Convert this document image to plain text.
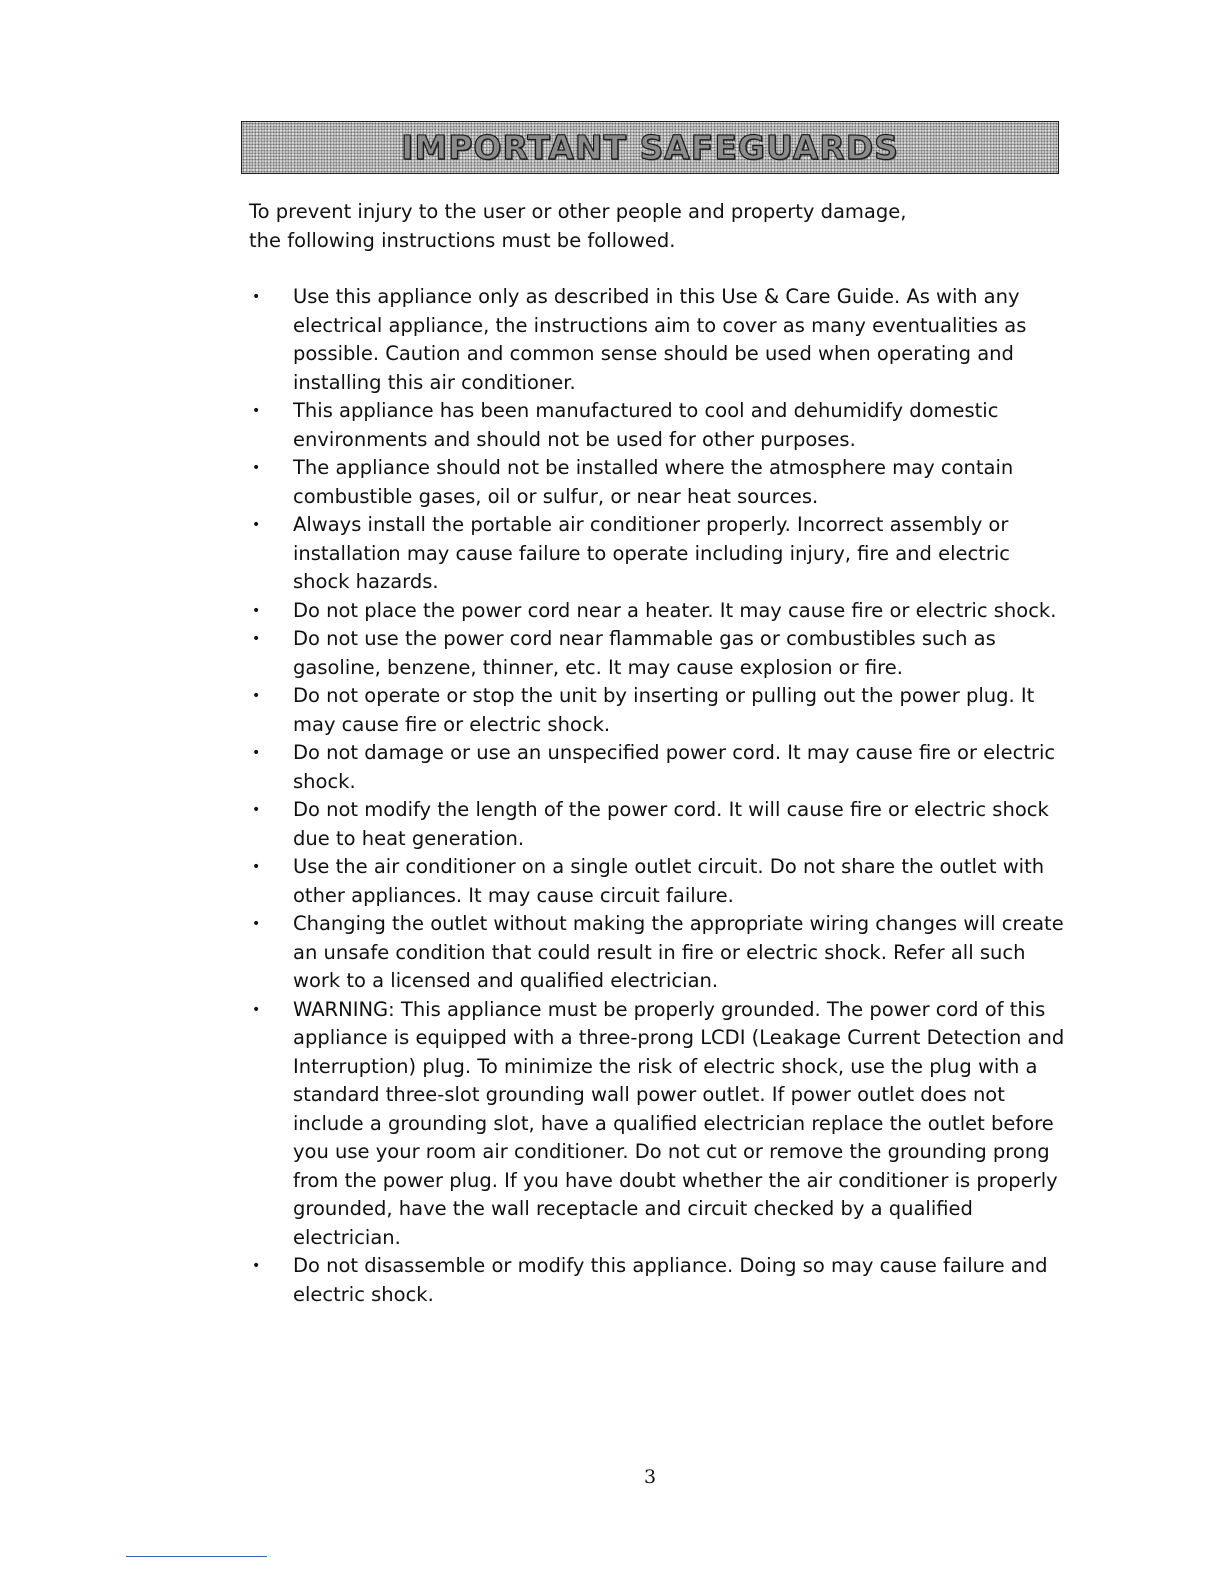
IMPORTANT SAFEGUARDS

To prevent injury to the user or other people and property damage,

the following instructions must be followed.

• Use this appliance only as described in this Use & Care Guide. As with any electrical appliance, the instructions aim to cover as many eventualities as possible. Caution and common sense should be used when operating and installing this air conditioner.
• This appliance has been manufactured to cool and dehumidify domestic environments and should not be used for other purposes.
• The appliance should not be installed where the atmosphere may contain combustible gases, oil or sulfur, or near heat sources.
• Always install the portable air conditioner properly. Incorrect assembly or installation may cause failure to operate including injury, fire and electric shock hazards.
• Do not place the power cord near a heater. It may cause fire or electric shock.
• Do not use the power cord near flammable gas or combustibles such as gasoline, benzene, thinner, etc. It may cause explosion or fire.
• Do not operate or stop the unit by inserting or pulling out the power plug. It may cause fire or electric shock.
• Do not damage or use an unspecified power cord. It may cause fire or electric shock.
• Do not modify the length of the power cord. It will cause fire or electric shock due to heat generation.
• Use the air conditioner on a single outlet circuit. Do not share the outlet with other appliances. It may cause circuit failure.
• Changing the outlet without making the appropriate wiring changes will create an unsafe condition that could result in fire or electric shock. Refer all such work to a licensed and qualified electrician.
• WARNING: This appliance must be properly grounded. The power cord of this appliance is equipped with a three-prong LCDI (Leakage Current Detection and Interruption) plug. To minimize the risk of electric shock, use the plug with a standard three-slot grounding wall power outlet. If power outlet does not include a grounding slot, have a qualified electrician replace the outlet before you use your room air conditioner. Do not cut or remove the grounding prong from the power plug. If you have doubt whether the air conditioner is properly grounded, have the wall receptacle and circuit checked by a qualified electrician.
• Do not disassemble or modify this appliance. Doing so may cause failure and electric shock.
3
